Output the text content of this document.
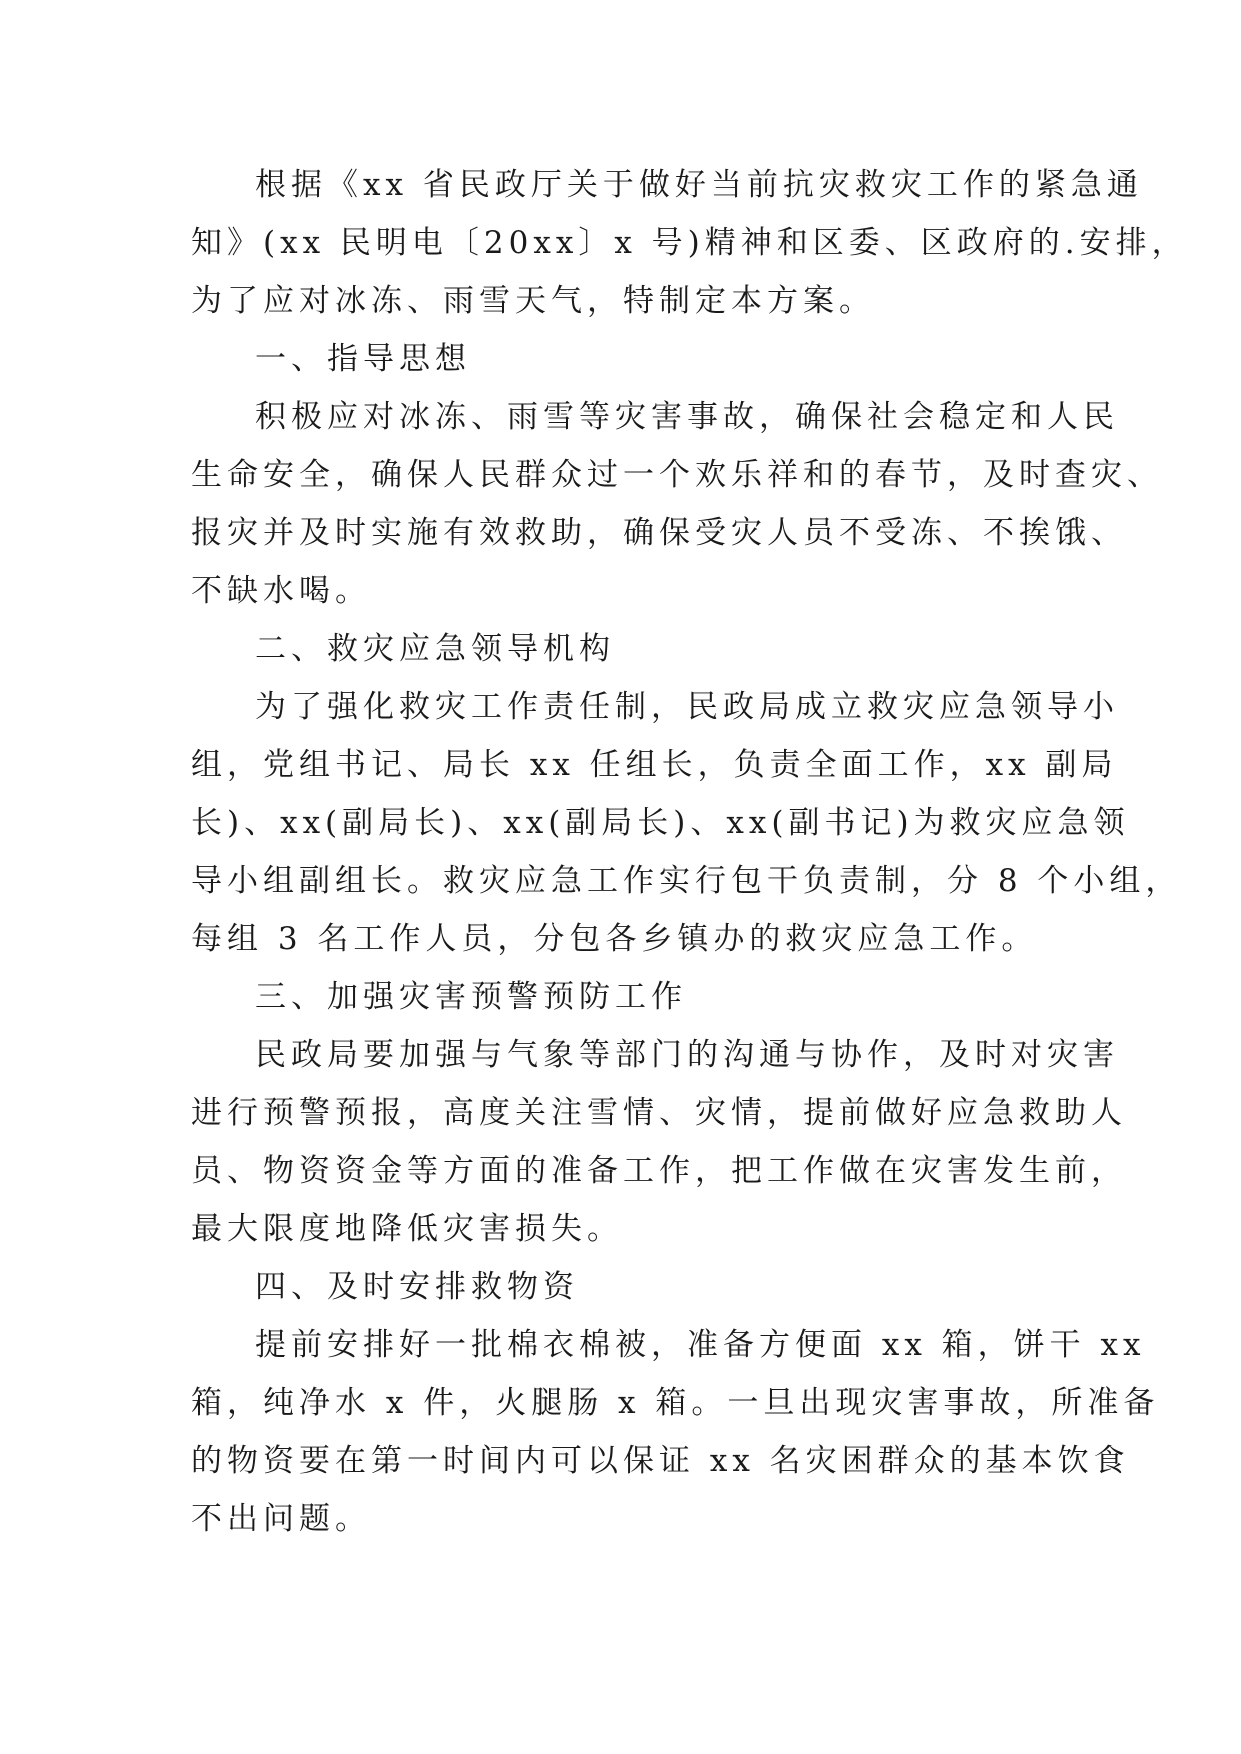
根据《xx 省民政厅关于做好当前抗灾救灾工作的紧急通
知》(xx 民明电〔20xx〕x 号)精神和区委、区政府的.安排，
为了应对冰冻、雨雪天气，特制定本方案。
一、指导思想
积极应对冰冻、雨雪等灾害事故，确保社会稳定和人民
生命安全，确保人民群众过一个欢乐祥和的春节，及时查灾、
报灾并及时实施有效救助，确保受灾人员不受冻、不挨饿、
不缺水喝。
二、救灾应急领导机构
为了强化救灾工作责任制，民政局成立救灾应急领导小
组，党组书记、局长 xx 任组长，负责全面工作，xx 副局
长)、xx(副局长)、xx(副局长)、xx(副书记)为救灾应急领
导小组副组长。救灾应急工作实行包干负责制，分 8 个小组，
每组 3 名工作人员，分包各乡镇办的救灾应急工作。
三、加强灾害预警预防工作
民政局要加强与气象等部门的沟通与协作，及时对灾害
进行预警预报，高度关注雪情、灾情，提前做好应急救助人
员、物资资金等方面的准备工作，把工作做在灾害发生前，
最大限度地降低灾害损失。
四、及时安排救物资
提前安排好一批棉衣棉被，准备方便面 xx 箱，饼干 xx
箱，纯净水 x 件，火腿肠 x 箱。一旦出现灾害事故，所准备
的物资要在第一时间内可以保证 xx 名灾困群众的基本饮食
不出问题。
